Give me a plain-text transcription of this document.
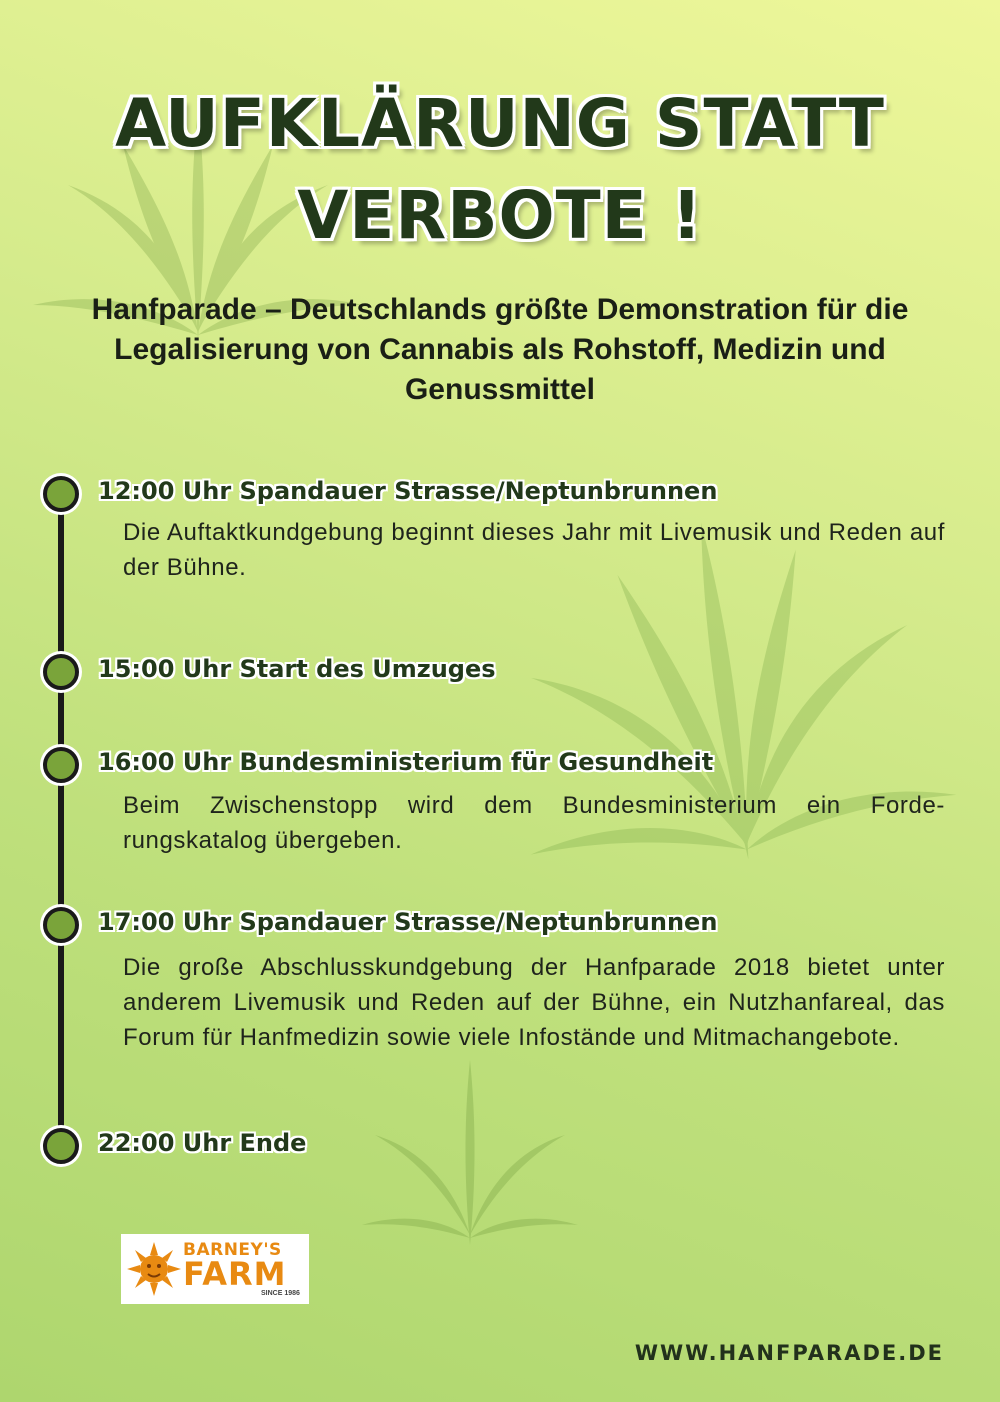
AUFKLÄRUNG STATT
VERBOTE !
Hanfparade – Deutschlands größte Demonstration für die Legalisierung von Cannabis als Rohstoff, Medizin und Genussmittel
12:00 Uhr Spandauer Strasse/Neptunbrunnen
Die Auftaktkundgebung beginnt dieses Jahr mit Livemusik und Reden auf der Bühne.
15:00 Uhr Start des Umzuges
16:00 Uhr Bundesministerium für Gesundheit
Beim Zwischenstopp wird dem Bundesministerium ein Forde-rungskatalog übergeben.
17:00 Uhr Spandauer Strasse/Neptunbrunnen
Die große Abschlusskundgebung der Hanfparade 2018 bietet unter anderem Livemusik und Reden auf der Bühne, ein Nutzhanfareal, das Forum für Hanfmedizin sowie viele Infostände und Mitmachangebote.
22:00 Uhr Ende
BARNEY'S
FARM
SINCE 1986
WWW.HANFPARADE.DE
